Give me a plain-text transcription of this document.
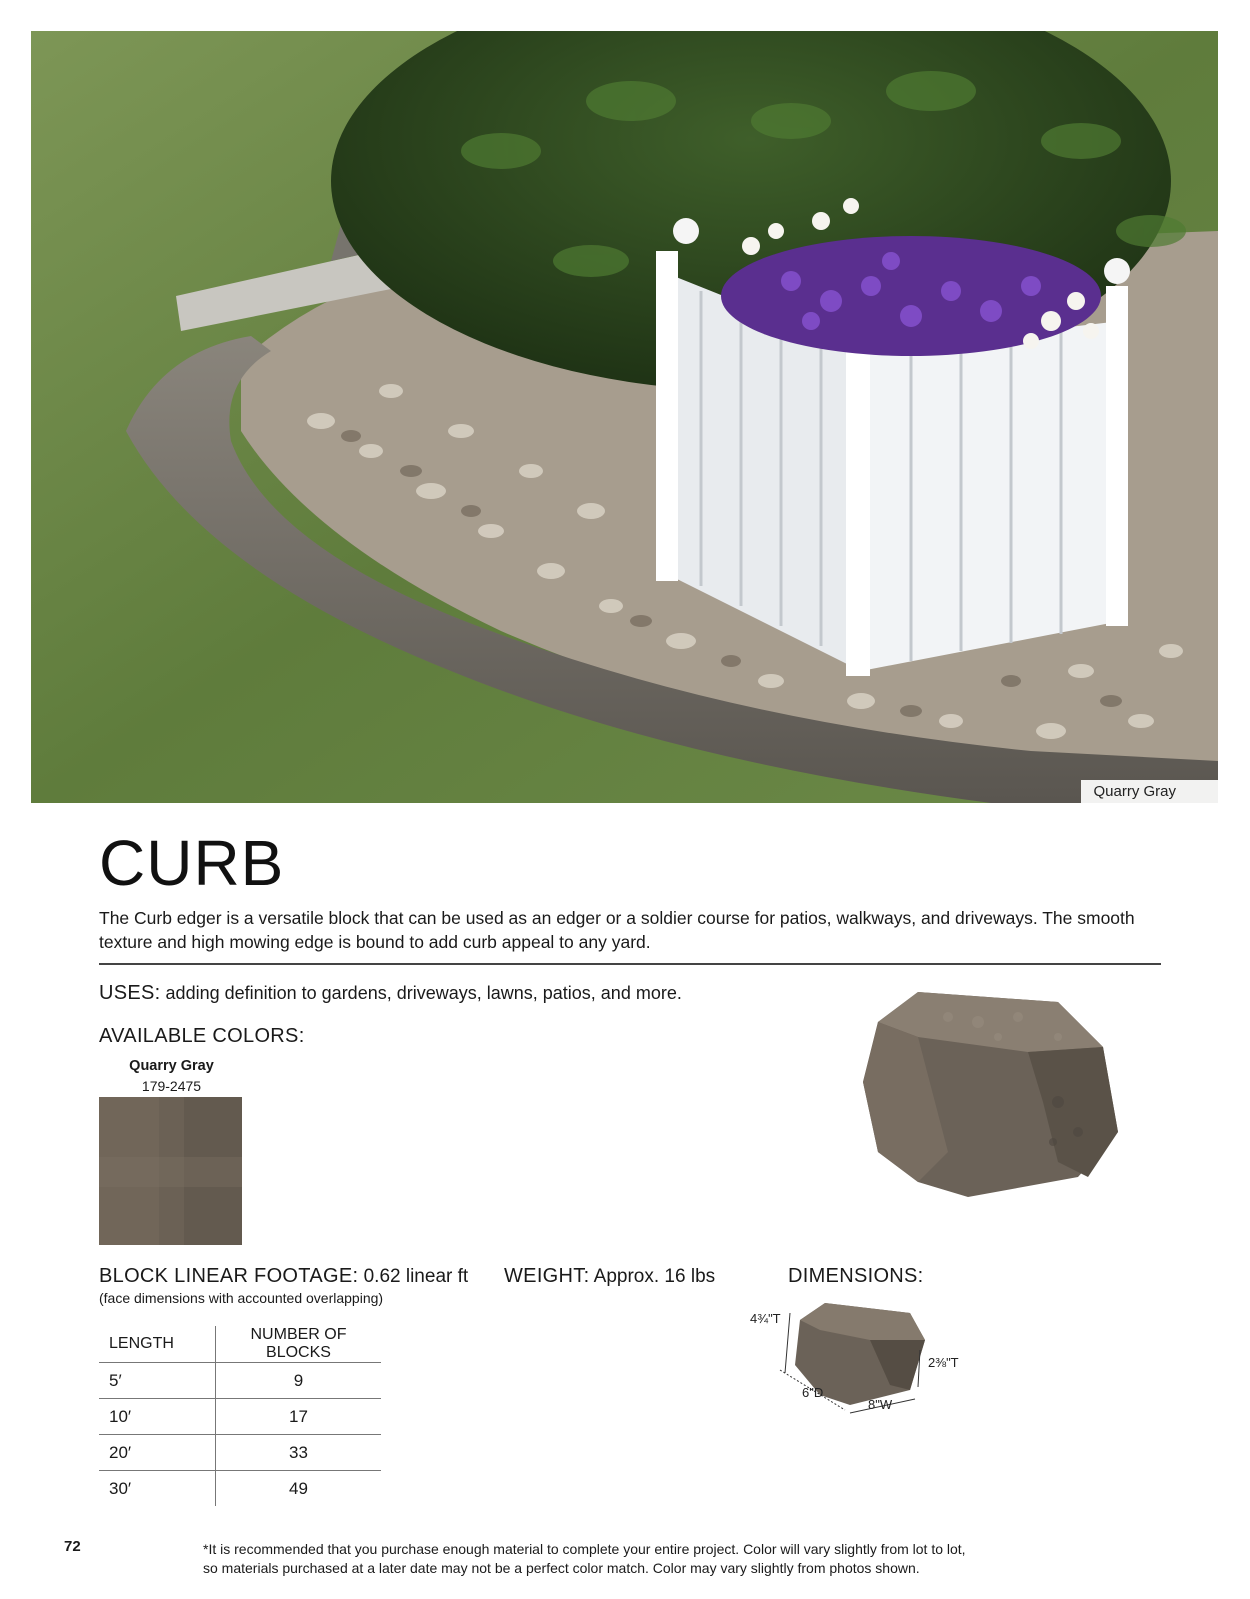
Quarry Gray
CURB

The Curb edger is a versatile block that can be used as an edger or a soldier course for patios, walkways, and driveways. The smooth texture and high mowing edge is bound to add curb appeal to any yard.

USES: adding definition to gardens, driveways, lawns, patios, and more.
AVAILABLE COLORS:
Quarry Gray
179-2475
BLOCK LINEAR FOOTAGE: 0.62 linear ft
(face dimensions with accounted overlapping)
WEIGHT: Approx. 16 lbs	DIMENSIONS:
4¾"T
2⅜"T
6"D
8"W
LENGTH	NUMBER OF BLOCKS
5′	9
10′	17
20′	33
30′	49
72	*It is recommended that you purchase enough material to complete your entire project. Color will vary slightly from lot to lot,
so materials purchased at a later date may not be a perfect color match. Color may vary slightly from photos shown.
